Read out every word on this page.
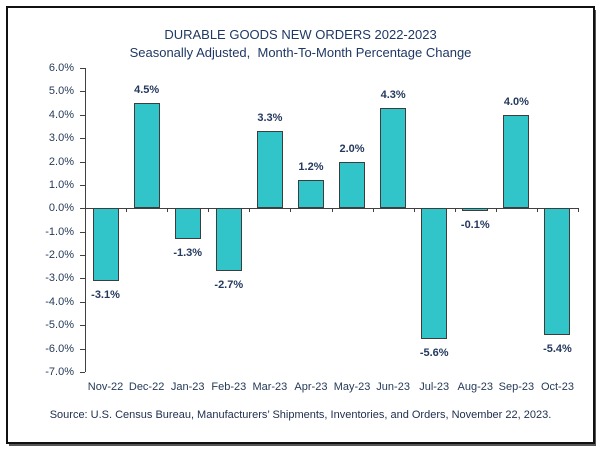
DURABLE GOODS NEW ORDERS 2022-2023
Seasonally Adjusted,  Month-To-Month Percentage Change
6.0%
5.0%
4.0%
3.0%
2.0%
1.0%
0.0%
-1.0%
-2.0%
-3.0%
-4.0%
-5.0%
-6.0%
-7.0%
-3.1%
Nov-22
4.5%
Dec-22
-1.3%
Jan-23
-2.7%
Feb-23
3.3%
Mar-23
1.2%
Apr-23
2.0%
May-23
4.3%
Jun-23
-5.6%
Jul-23
-0.1%
Aug-23
4.0%
Sep-23
-5.4%
Oct-23
Source: U.S. Census Bureau, Manufacturers’ Shipments, Inventories, and Orders, November 22, 2023.
